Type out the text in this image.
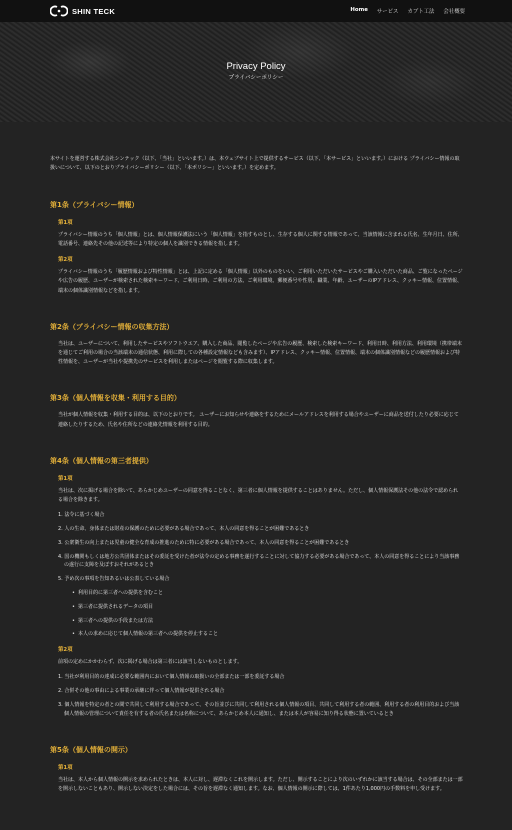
SHIN TECK	Home サービス カブト工法 会社概要
Privacy Policy
プライバシーポリシー

本サイトを運営する株式会社シンテック（以下、「当社」といいます。）は、本ウェブサイト上で提供するサービス（以下、「本サービス」といいます。）における プライバシー情報の取扱いについて、以下のとおりプライバシーポリシー（以下、「本ポリシー」といいます。）を定めます。

第1条（プライバシー情報）
第1項

プライバシー情報のうち「個人情報」とは、個人情報保護法にいう「個人情報」を指すものとし、生存する個人に関する情報であって、当該情報に含まれる氏名、生年月日、住所、電話番号、連絡先その他の記述等により特定の個人を識別できる情報を指します。

第2項

プライバシー情報のうち「履歴情報および特性情報」とは、上記に定める「個人情報」以外のものをいい、ご利用いただいたサービスやご購入いただいた商品、ご覧になったページや広告の履歴、ユーザーが検索された検索キーワード、ご利用日時、ご利用の方法、ご利用環境、郵便番号や性別、職業、年齢、ユーザーのIPアドレス、クッキー情報、位置情報、端末の個体識別情報などを指します。

第2条（プライバシー情報の収集方法）

当社は、ユーザーについて、利用したサービスやソフトウエア、購入した商品、閲覧したページや広告の履歴、検索した検索キーワード、利用日時、利用方法、利用環境（携帯端末を通じてご利用の場合の当該端末の通信状態、利用に際しての各種設定情報なども含みます）、IPアドレス、クッキー情報、位置情報、端末の個体識別情報などの履歴情報および特性情報を、ユーザーが当社や提携先のサービスを利用しまたはページを閲覧する際に収集します。

第3条（個人情報を収集・利用する目的）

当社が個人情報を収集・利用する目的は、以下のとおりです。 ユーザーにお知らせや連絡をするためにメールアドレスを利用する場合やユーザーに商品を送付したり必要に応じて連絡したりするため、氏名や住所などの連絡先情報を利用する目的。

第4条（個人情報の第三者提供）
第1項

当社は、次に掲げる場合を除いて、あらかじめユーザーの同意を得ることなく、第三者に個人情報を提供することはありません。ただし、個人情報保護法その他の法令で認められる場合を除きます。

1. 法令に基づく場合
2. 人の生命、身体または財産の保護のために必要がある場合であって、本人の同意を得ることが困難であるとき
3. 公衆衛生の向上または児童の健全な育成の推進のために特に必要がある場合であって、本人の同意を得ることが困難であるとき
4. 国の機関もしくは地方公共団体またはその委託を受けた者が法令の定める事務を遂行することに対して協力する必要がある場合であって、本人の同意を得ることにより当該事務の遂行に支障を及ぼすおそれがあるとき
5. 予め次の事項を告知あるいは公表している場合
• 利用目的に第三者への提供を含むこと
• 第三者に提供されるデータの項目
• 第三者への提供の手段または方法
• 本人の求めに応じて個人情報の第三者への提供を停止すること
第2項

前項の定めにかかわらず、次に掲げる場合は第三者には該当しないものとします。

1. 当社が利用目的の達成に必要な範囲内において個人情報の取扱いの全部または一部を委託する場合
2. 合併その他の事由による事業の承継に伴って個人情報が提供される場合
3. 個人情報を特定の者との間で共同して利用する場合であって、その旨並びに共同して利用される個人情報の項目、共同して利用する者の範囲、利用する者の利用目的および当該個人情報の管理について責任を有する者の氏名または名称について、あらかじめ本人に通知し、または本人が容易に知り得る状態に置いているとき
第5条（個人情報の開示）
第1項

当社は、本人から個人情報の開示を求められたときは、本人に対し、遅滞なくこれを開示します。ただし、開示することにより次のいずれかに該当する場合は、その全部または一部を開示しないこともあり、開示しない決定をした場合には、その旨を遅滞なく通知します。なお、個人情報の開示に際しては、1件あたり1,000円の手数料を申し受けます。
